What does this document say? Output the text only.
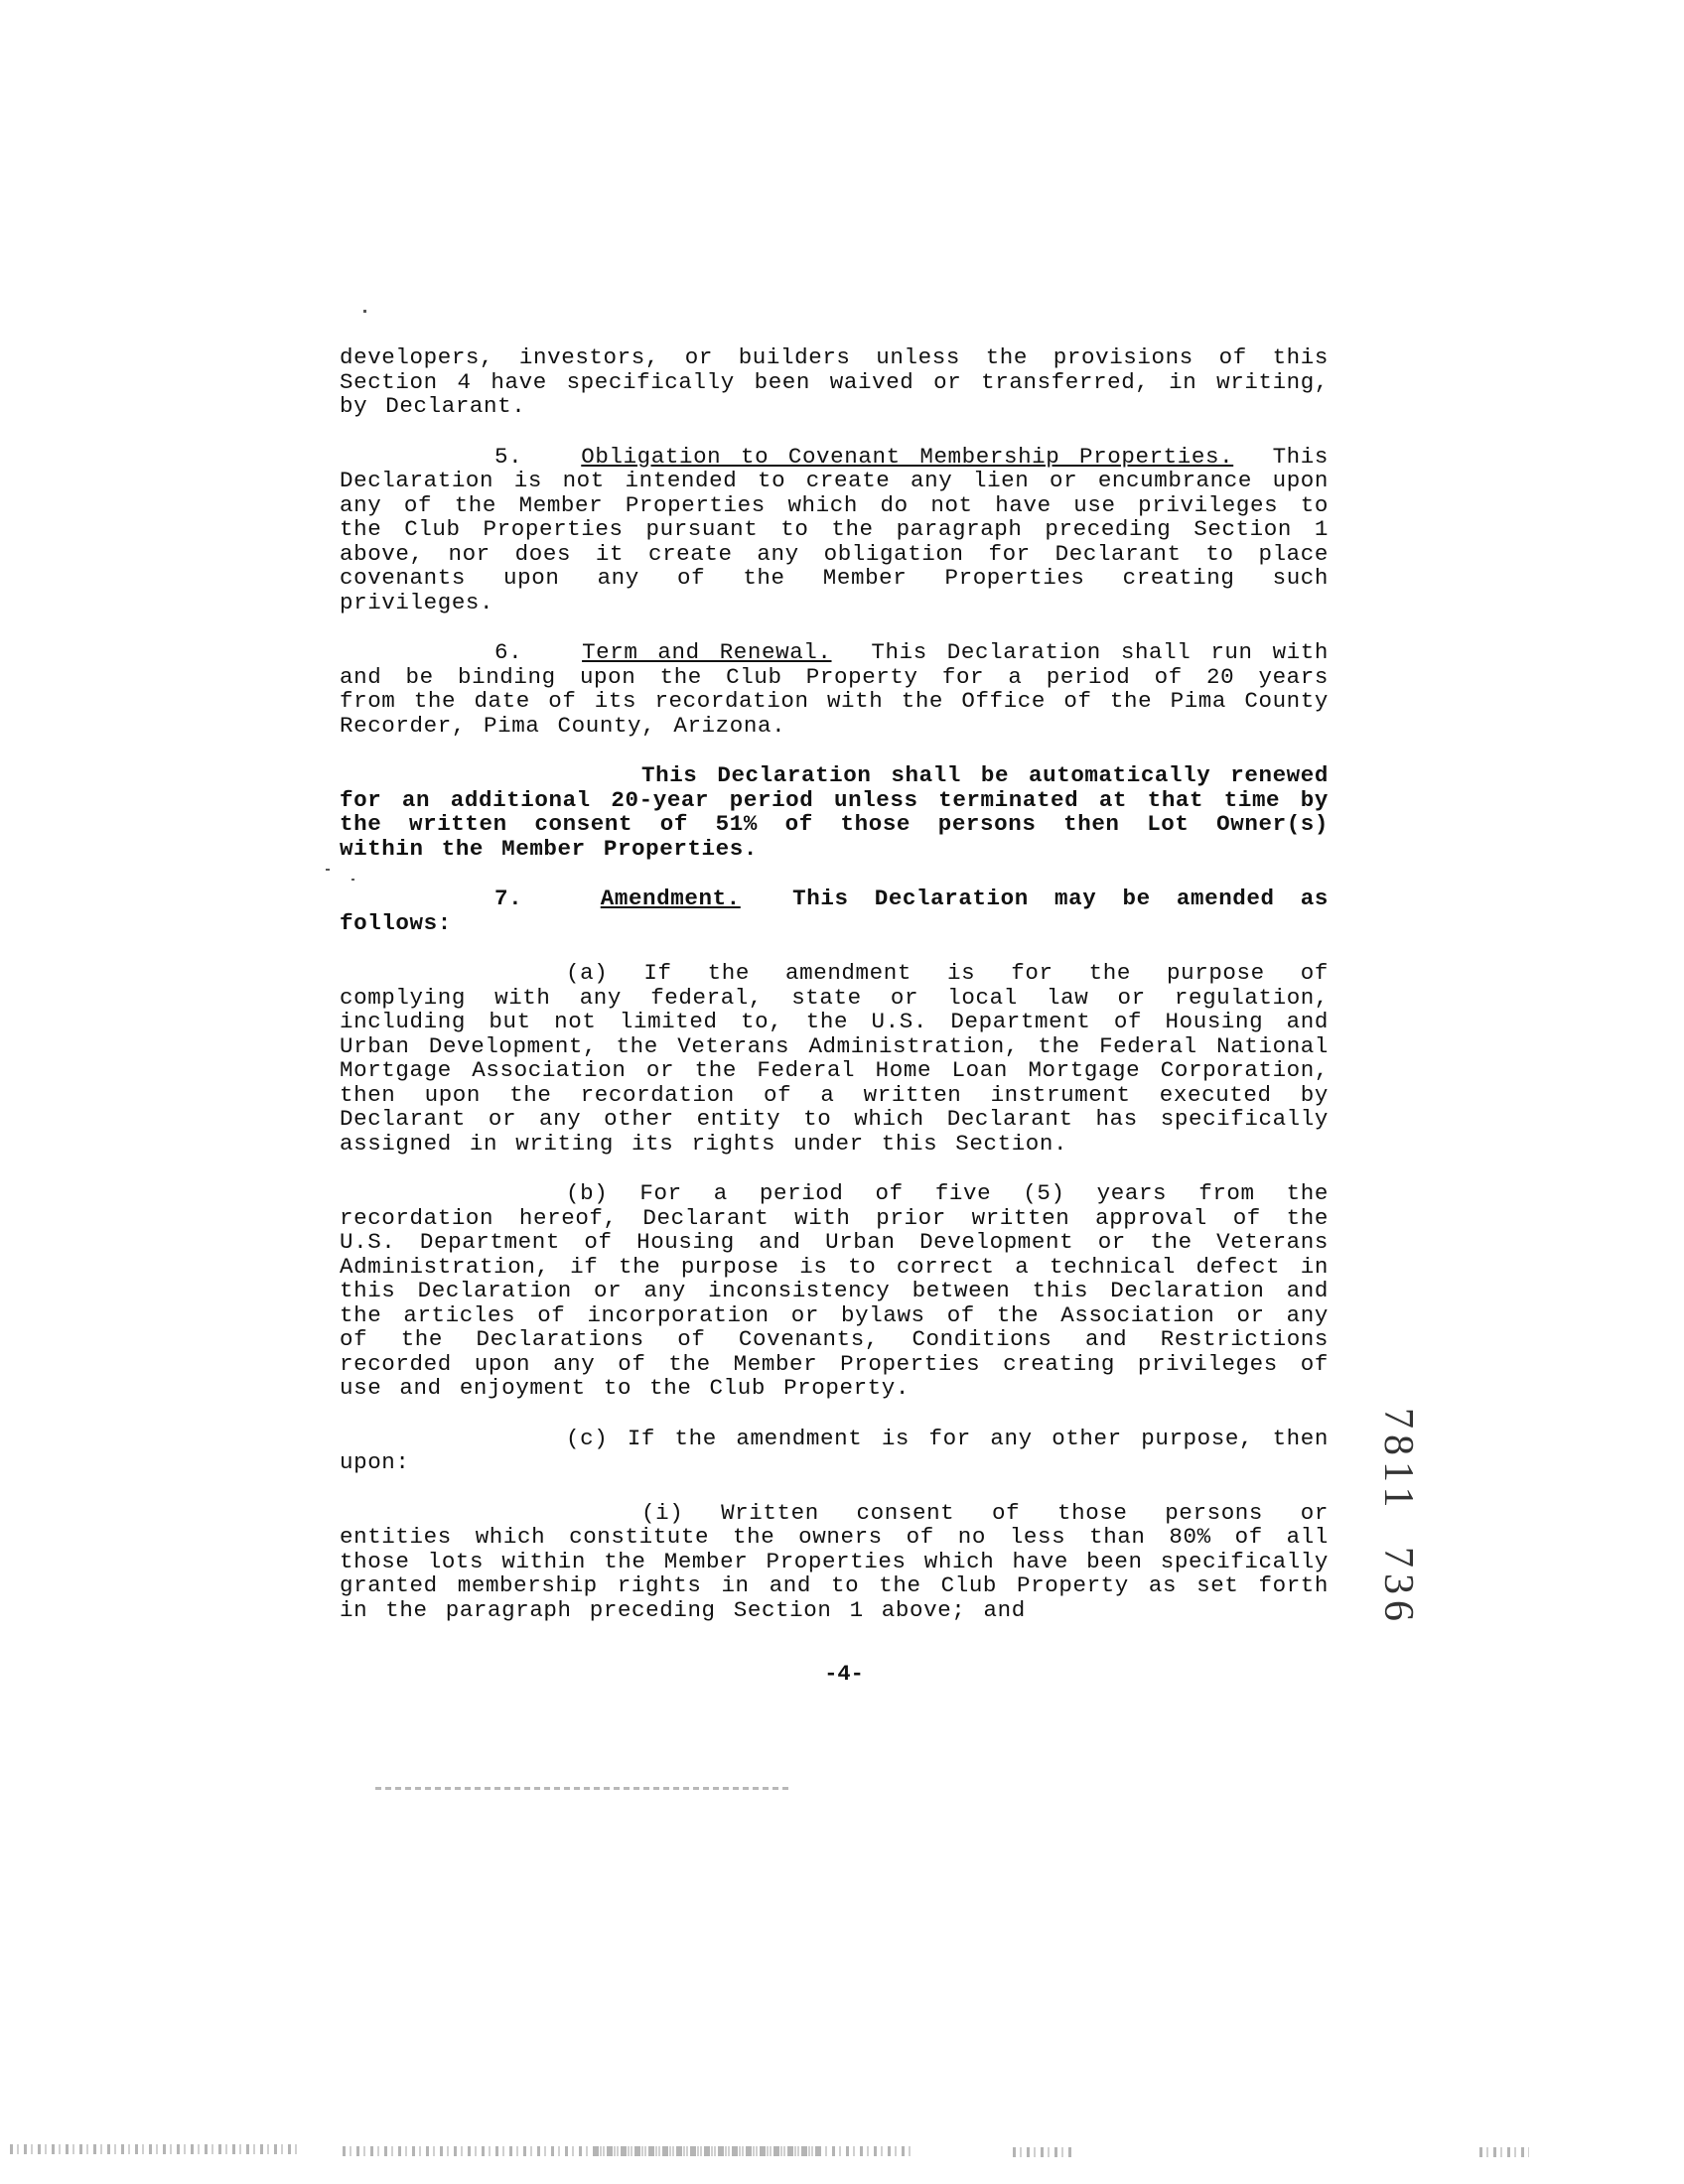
developers, investors, or builders unless the provisions of this Section 4 have specifically been waived or transferred, in writing, by Declarant.

5.	Obligation to Covenant Membership Properties. This Declaration is not intended to create any lien or encumbrance upon any of the Member Properties which do not have use privileges to the Club Properties pursuant to the paragraph preceding Section 1 above, nor does it create any obligation for Declarant to place covenants upon any of the Member Properties creating such privileges.

6.	Term and Renewal. This Declaration shall run with and be binding upon the Club Property for a period of 20 years from the date of its recordation with the Office of the Pima County Recorder, Pima County, Arizona.

This Declaration shall be automatically renewed for an additional 20-year period unless terminated at that time by the written consent of 51% of those persons then Lot Owner(s) within the Member Properties.

7.	Amendment. This Declaration may be amended as follows:

(a) If the amendment is for the purpose of complying with any federal, state or local law or regulation, including but not limited to, the U.S. Department of Housing and Urban Development, the Veterans Administration, the Federal National Mortgage Association or the Federal Home Loan Mortgage Corporation, then upon the recordation of a written instrument executed by Declarant or any other entity to which Declarant has specifically assigned in writing its rights under this Section.

(b) For a period of five (5) years from the recordation hereof, Declarant with prior written approval of the U.S. Department of Housing and Urban Development or the Veterans Administration, if the purpose is to correct a technical defect in this Declaration or any inconsistency between this Declaration and the articles of incorporation or bylaws of the Association or any of the Declarations of Covenants, Conditions and Restrictions recorded upon any of the Member Properties creating privileges of use and enjoyment to the Club Property.

(c) If the amendment is for any other purpose, then upon:

(i) Written consent of those persons or entities which constitute the owners of no less than 80% of all those lots within the Member Properties which have been specifically granted membership rights in and to the Club Property as set forth in the paragraph preceding Section 1 above; and

-4-
7811
736
